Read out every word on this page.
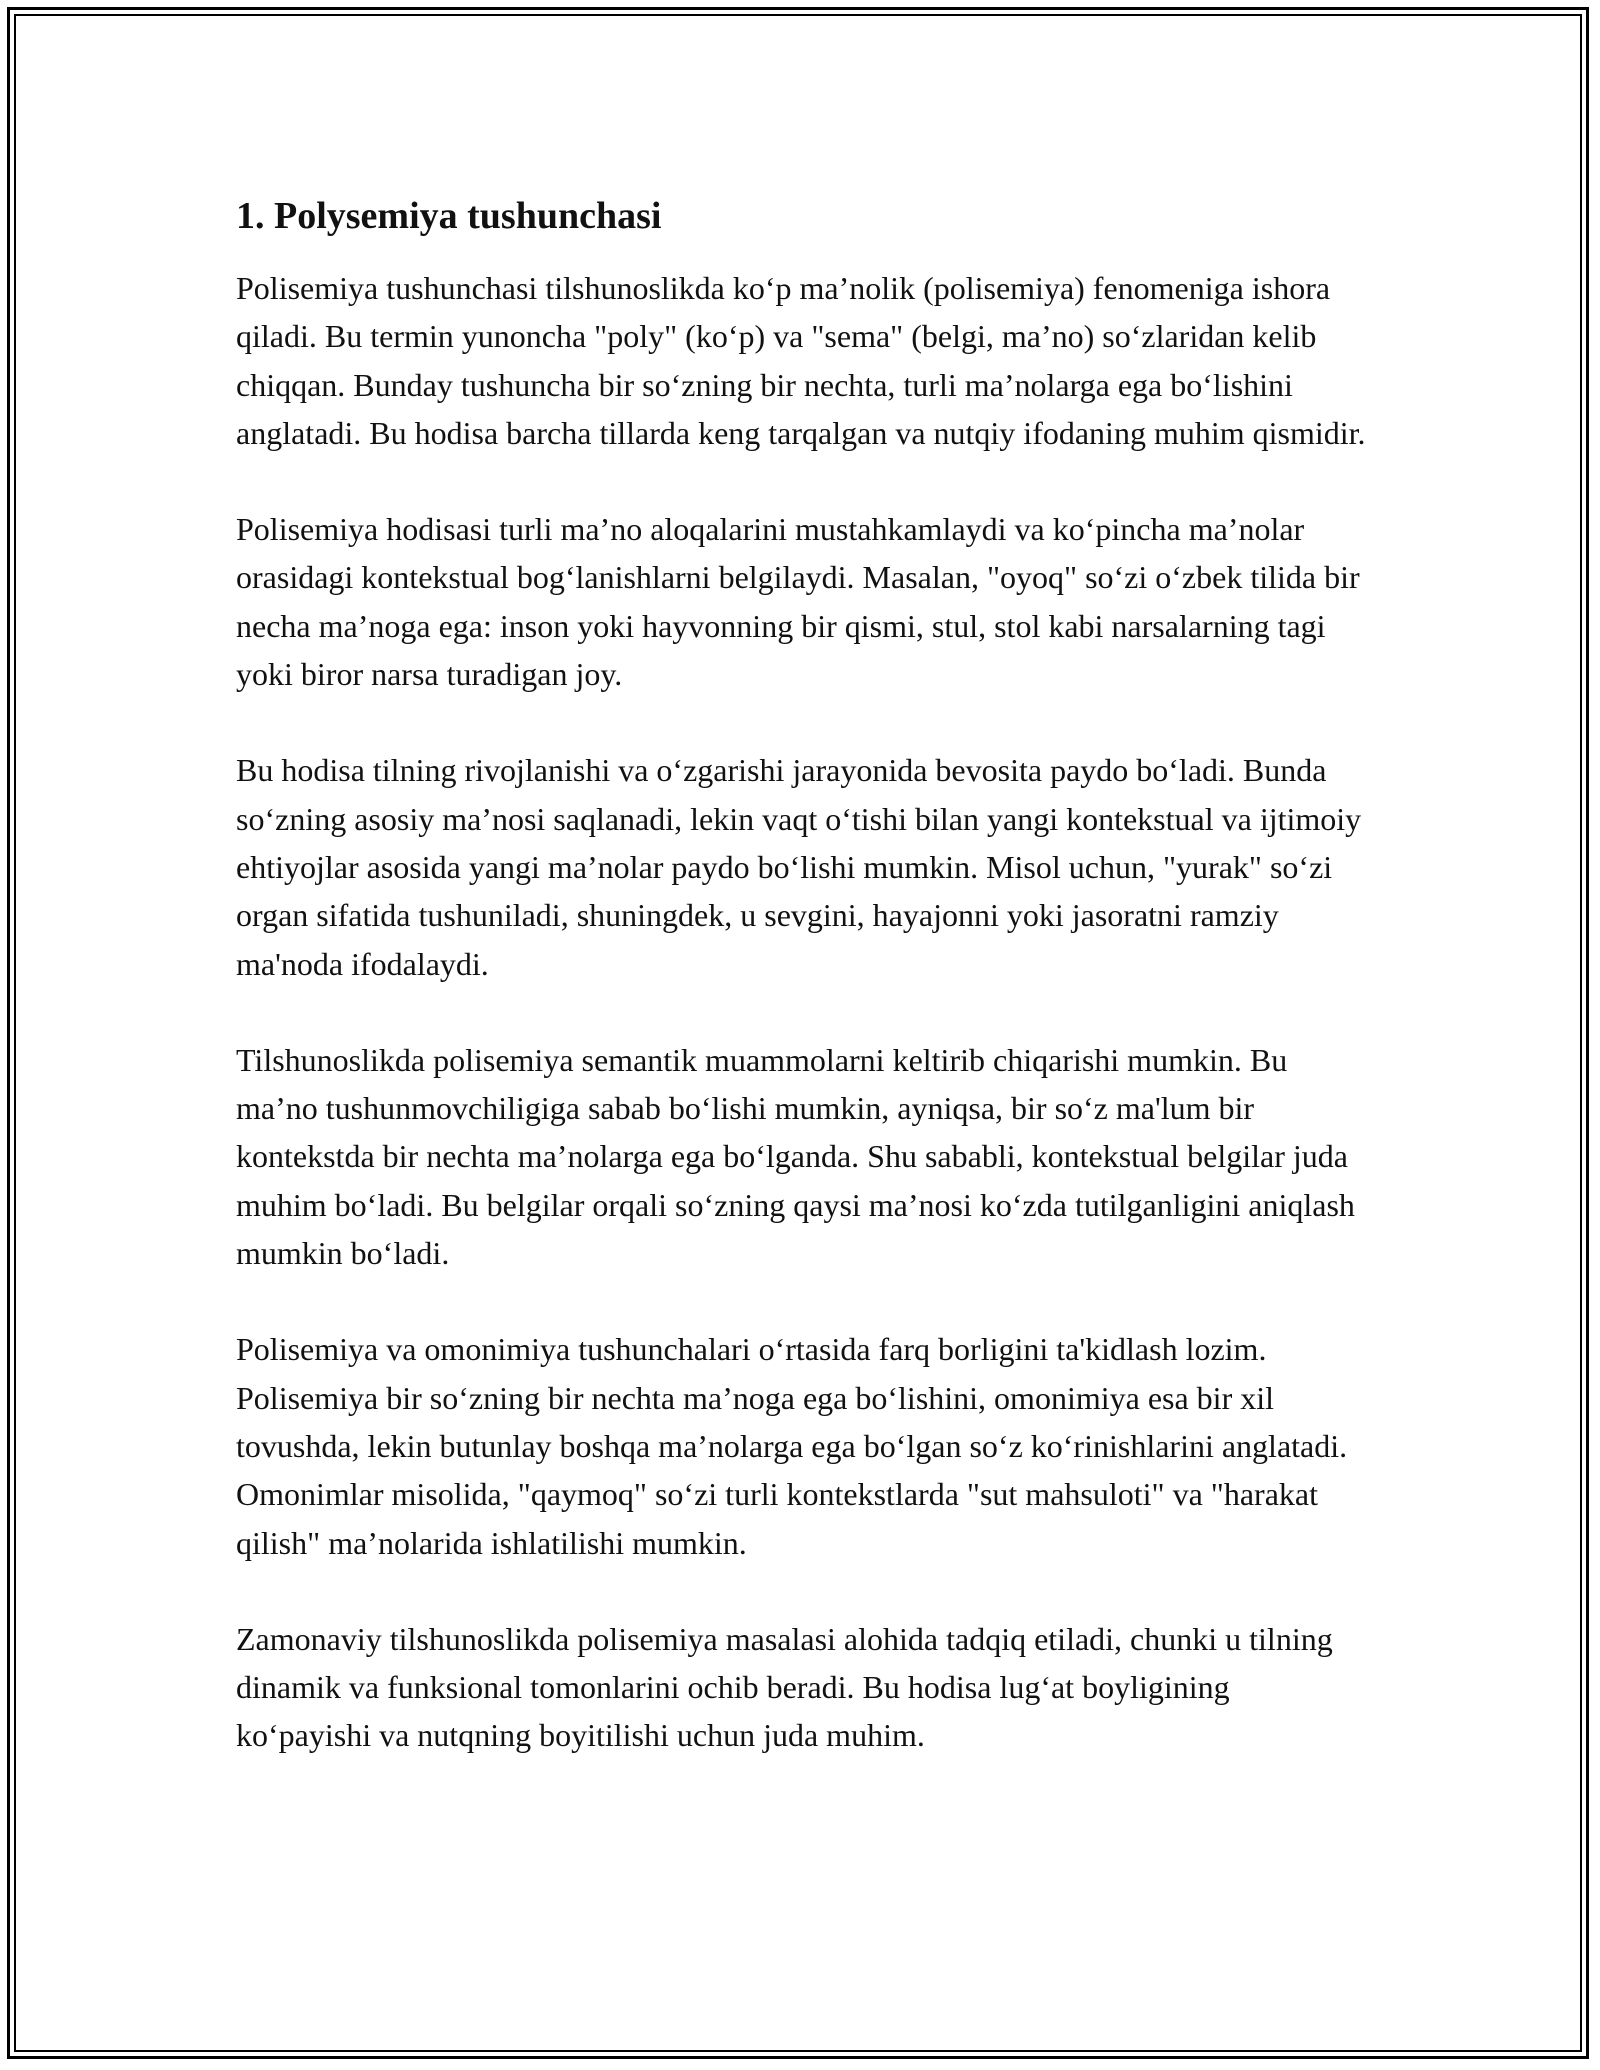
1. Polysemiya tushunchasi

Polisemiya tushunchasi tilshunoslikda ko‘p ma’nolik (polisemiya) fenomeniga ishora qiladi. Bu termin yunoncha "poly" (ko‘p) va "sema" (belgi, ma’no) so‘zlaridan kelib chiqqan. Bunday tushuncha bir so‘zning bir nechta, turli ma’nolarga ega bo‘lishini anglatadi. Bu hodisa barcha tillarda keng tarqalgan va nutqiy ifodaning muhim qismidir.

Polisemiya hodisasi turli ma’no aloqalarini mustahkamlaydi va ko‘pincha ma’nolar orasidagi kontekstual bog‘lanishlarni belgilaydi. Masalan, "oyoq" so‘zi o‘zbek tilida bir necha ma’noga ega: inson yoki hayvonning bir qismi, stul, stol kabi narsalarning tagi yoki biror narsa turadigan joy.

Bu hodisa tilning rivojlanishi va o‘zgarishi jarayonida bevosita paydo bo‘ladi. Bunda so‘zning asosiy ma’nosi saqlanadi, lekin vaqt o‘tishi bilan yangi kontekstual va ijtimoiy ehtiyojlar asosida yangi ma’nolar paydo bo‘lishi mumkin. Misol uchun, "yurak" so‘zi organ sifatida tushuniladi, shuningdek, u sevgini, hayajonni yoki jasoratni ramziy ma'noda ifodalaydi.

Tilshunoslikda polisemiya semantik muammolarni keltirib chiqarishi mumkin. Bu ma’no tushunmovchiligiga sabab bo‘lishi mumkin, ayniqsa, bir so‘z ma'lum bir kontekstda bir nechta ma’nolarga ega bo‘lganda. Shu sababli, kontekstual belgilar juda muhim bo‘ladi. Bu belgilar orqali so‘zning qaysi ma’nosi ko‘zda tutilganligini aniqlash mumkin bo‘ladi.

Polisemiya va omonimiya tushunchalari o‘rtasida farq borligini ta'kidlash lozim. Polisemiya bir so‘zning bir nechta ma’noga ega bo‘lishini, omonimiya esa bir xil tovushda, lekin butunlay boshqa ma’nolarga ega bo‘lgan so‘z ko‘rinishlarini anglatadi. Omonimlar misolida, "qaymoq" so‘zi turli kontekstlarda "sut mahsuloti" va "harakat qilish" ma’nolarida ishlatilishi mumkin.

Zamonaviy tilshunoslikda polisemiya masalasi alohida tadqiq etiladi, chunki u tilning dinamik va funksional tomonlarini ochib beradi. Bu hodisa lug‘at boyligining ko‘payishi va nutqning boyitilishi uchun juda muhim.
